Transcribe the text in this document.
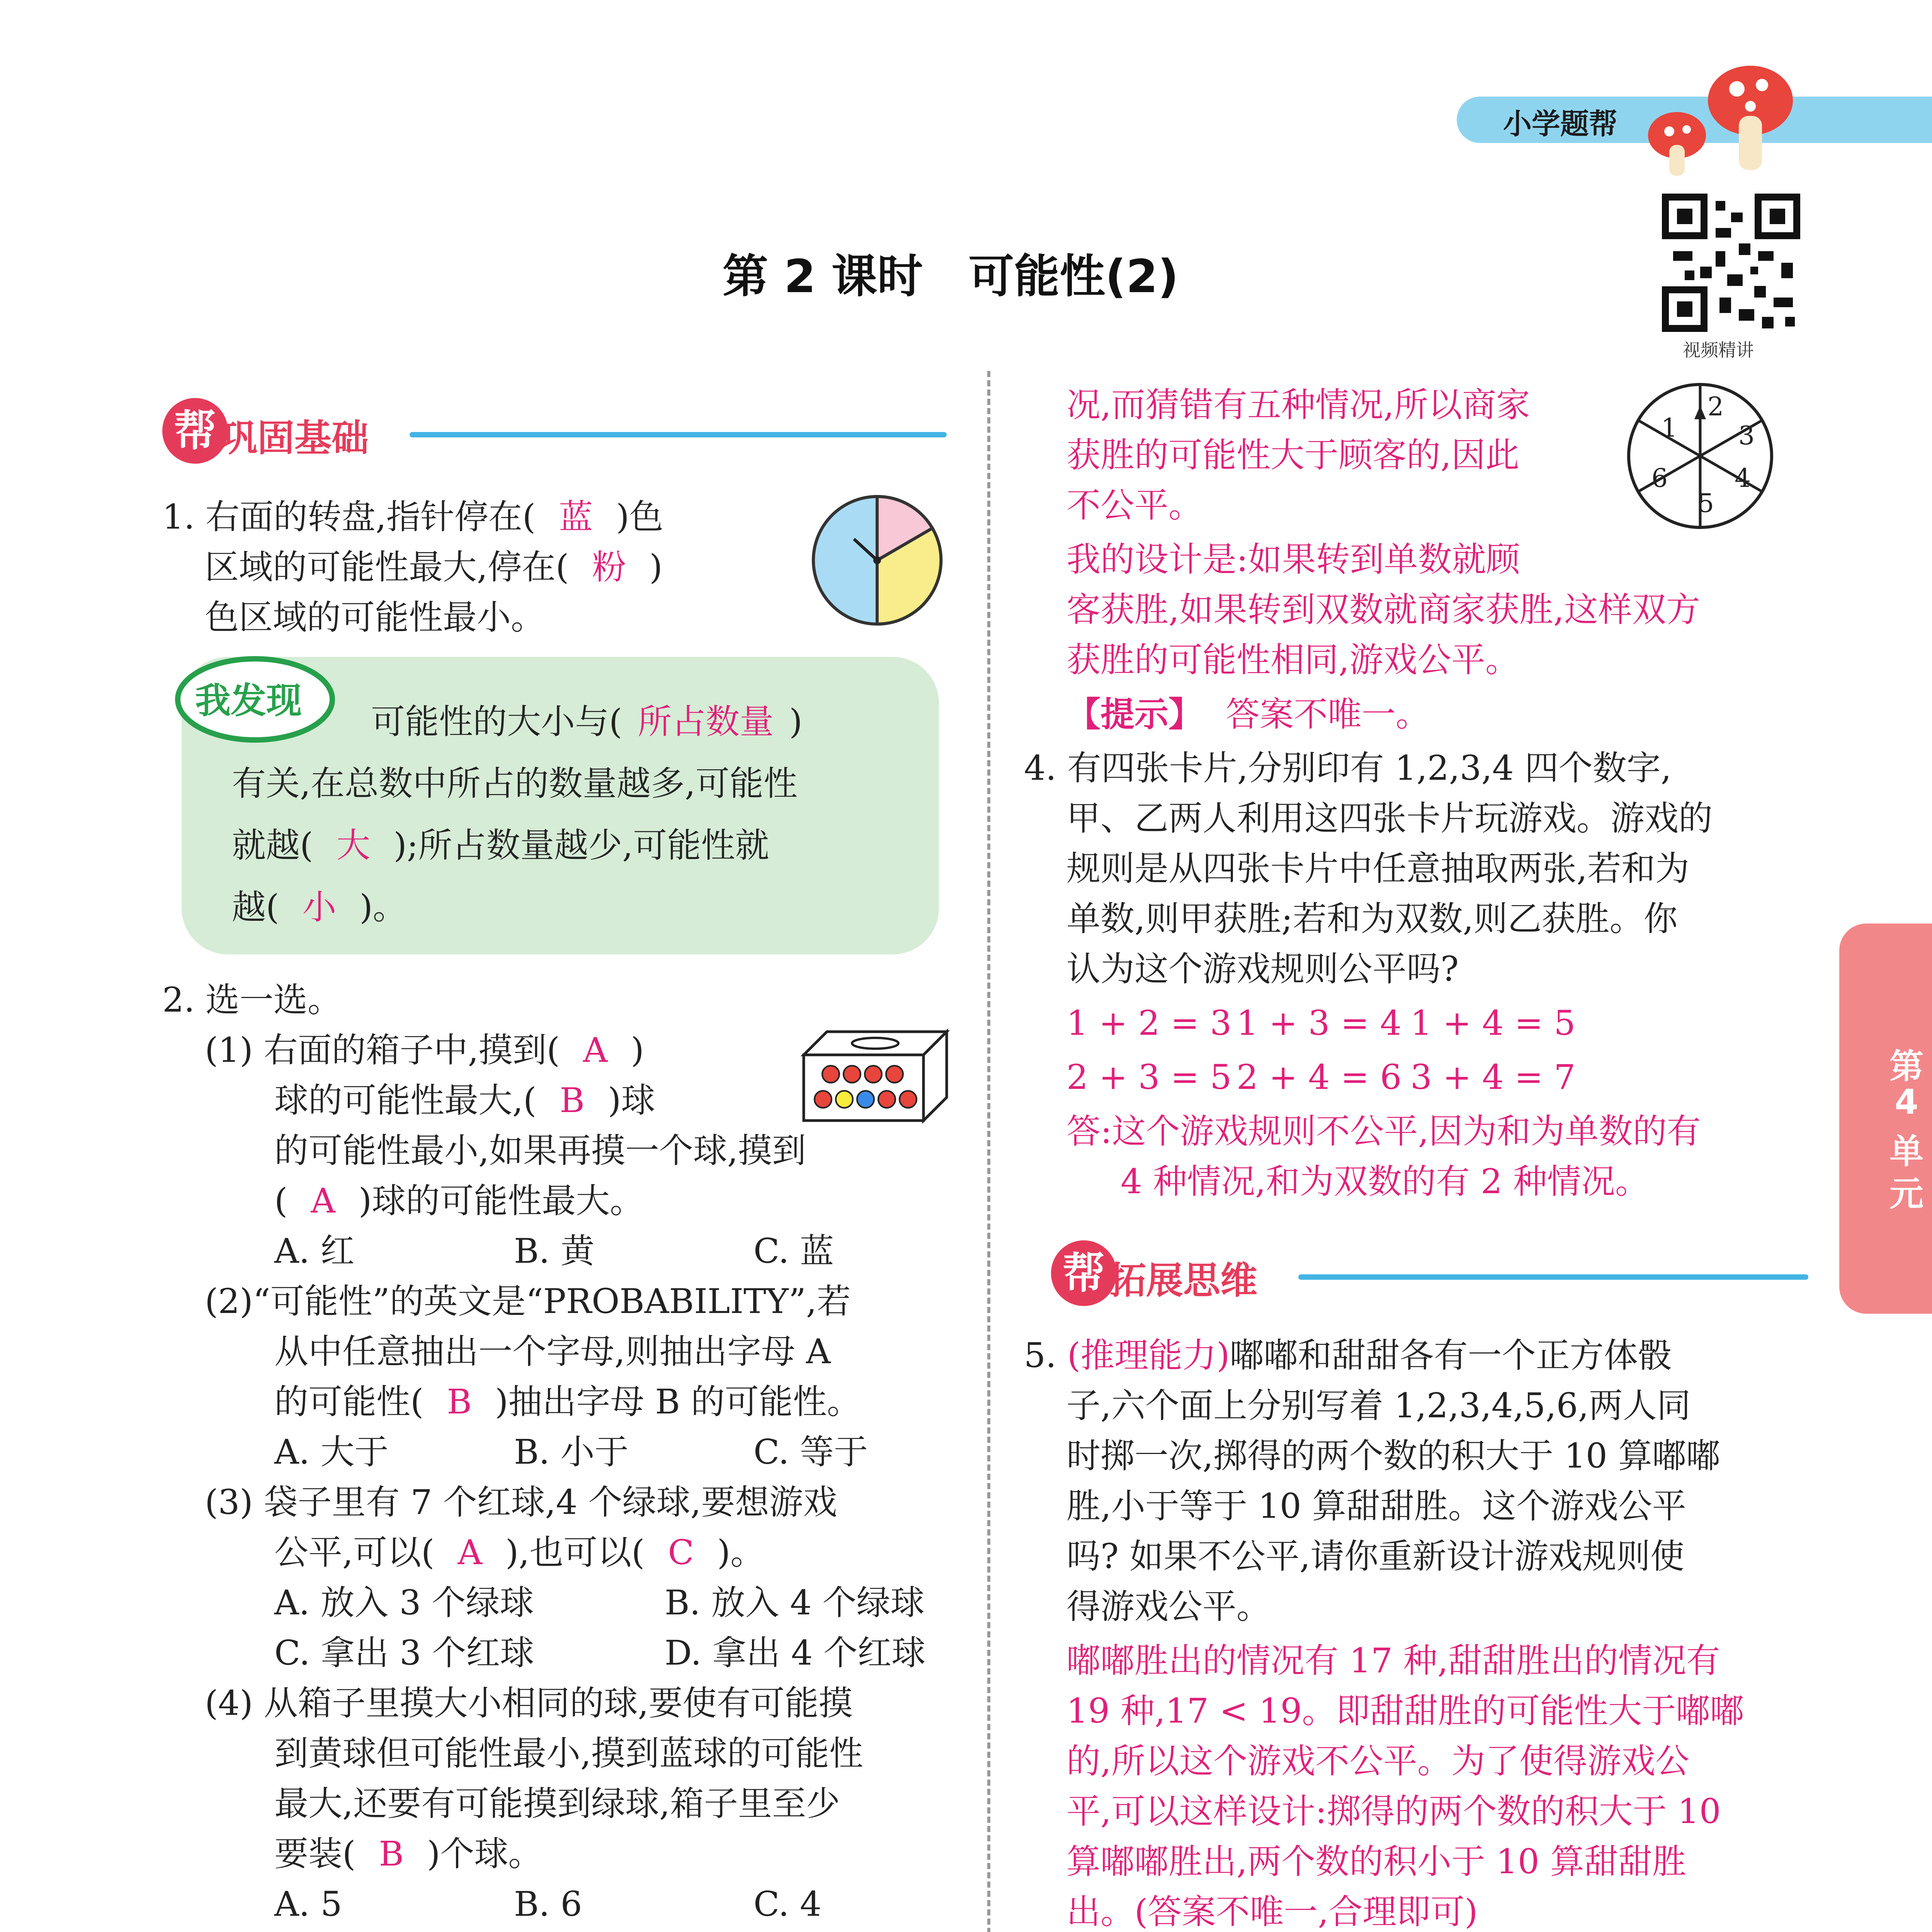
小学题帮
视频精讲
第 2 课时　可能性(2)
帮 巩固基础
1. 右面的转盘,指针停在( 蓝 )色
区域的可能性最大,停在( 粉 )
色区域的可能性最小。
我发现
可能性的大小与( 所占数量 )
有关,在总数中所占的数量越多,可能性
就越( 大 );所占数量越少,可能性就
越( 小 )。
2. 选一选。
(1) 右面的箱子中,摸到( A )
球的可能性最大,( B )球
的可能性最小,如果再摸一个球,摸到
( A )球的可能性最大。
A. 红	B. 黄	C. 蓝
(2)“可能性”的英文是“PROBABILITY”,若
从中任意抽出一个字母,则抽出字母 A
的可能性( B )抽出字母 B 的可能性。
A. 大于	B. 小于	C. 等于
(3) 袋子里有 7 个红球,4 个绿球,要想游戏
公平,可以( A ),也可以( C )。
A. 放入 3 个绿球	B. 放入 4 个绿球
C. 拿出 3 个红球	D. 拿出 4 个红球
(4) 从箱子里摸大小相同的球,要使有可能摸
到黄球但可能性最小,摸到蓝球的可能性
最大,还要有可能摸到绿球,箱子里至少
要装( B )个球。
A. 5	B. 6	C. 4
况,而猜错有五种情况,所以商家
获胜的可能性大于顾客的,因此
不公平。
我的设计是:如果转到单数就顾
客获胜,如果转到双数就商家获胜,这样双方
获胜的可能性相同,游戏公平。
【提示】 答案不唯一。
1
2
3
4
5
6
4. 有四张卡片,分别印有 1,2,3,4 四个数字,
甲、乙两人利用这四张卡片玩游戏。游戏的
规则是从四张卡片中任意抽取两张,若和为
单数,则甲获胜;若和为双数,则乙获胜。你
认为这个游戏规则公平吗?
1 + 2 = 3 1 + 3 = 4 1 + 4 = 5
2 + 3 = 5 2 + 4 = 6 3 + 4 = 7
答:这个游戏规则不公平,因为和为单数的有
4 种情况,和为双数的有 2 种情况。
帮 拓展思维
5. (推理能力)嘟嘟和甜甜各有一个正方体骰
子,六个面上分别写着 1,2,3,4,5,6,两人同
时掷一次,掷得的两个数的积大于 10 算嘟嘟
胜,小于等于 10 算甜甜胜。这个游戏公平
吗? 如果不公平,请你重新设计游戏规则使
得游戏公平。
嘟嘟胜出的情况有 17 种,甜甜胜出的情况有
19 种,17 < 19。即甜甜胜的可能性大于嘟嘟
的,所以这个游戏不公平。为了使得游戏公
平,可以这样设计:掷得的两个数的积大于 10
算嘟嘟胜出,两个数的积小于 10 算甜甜胜
出。(答案不唯一,合理即可)

第
4
单
元
